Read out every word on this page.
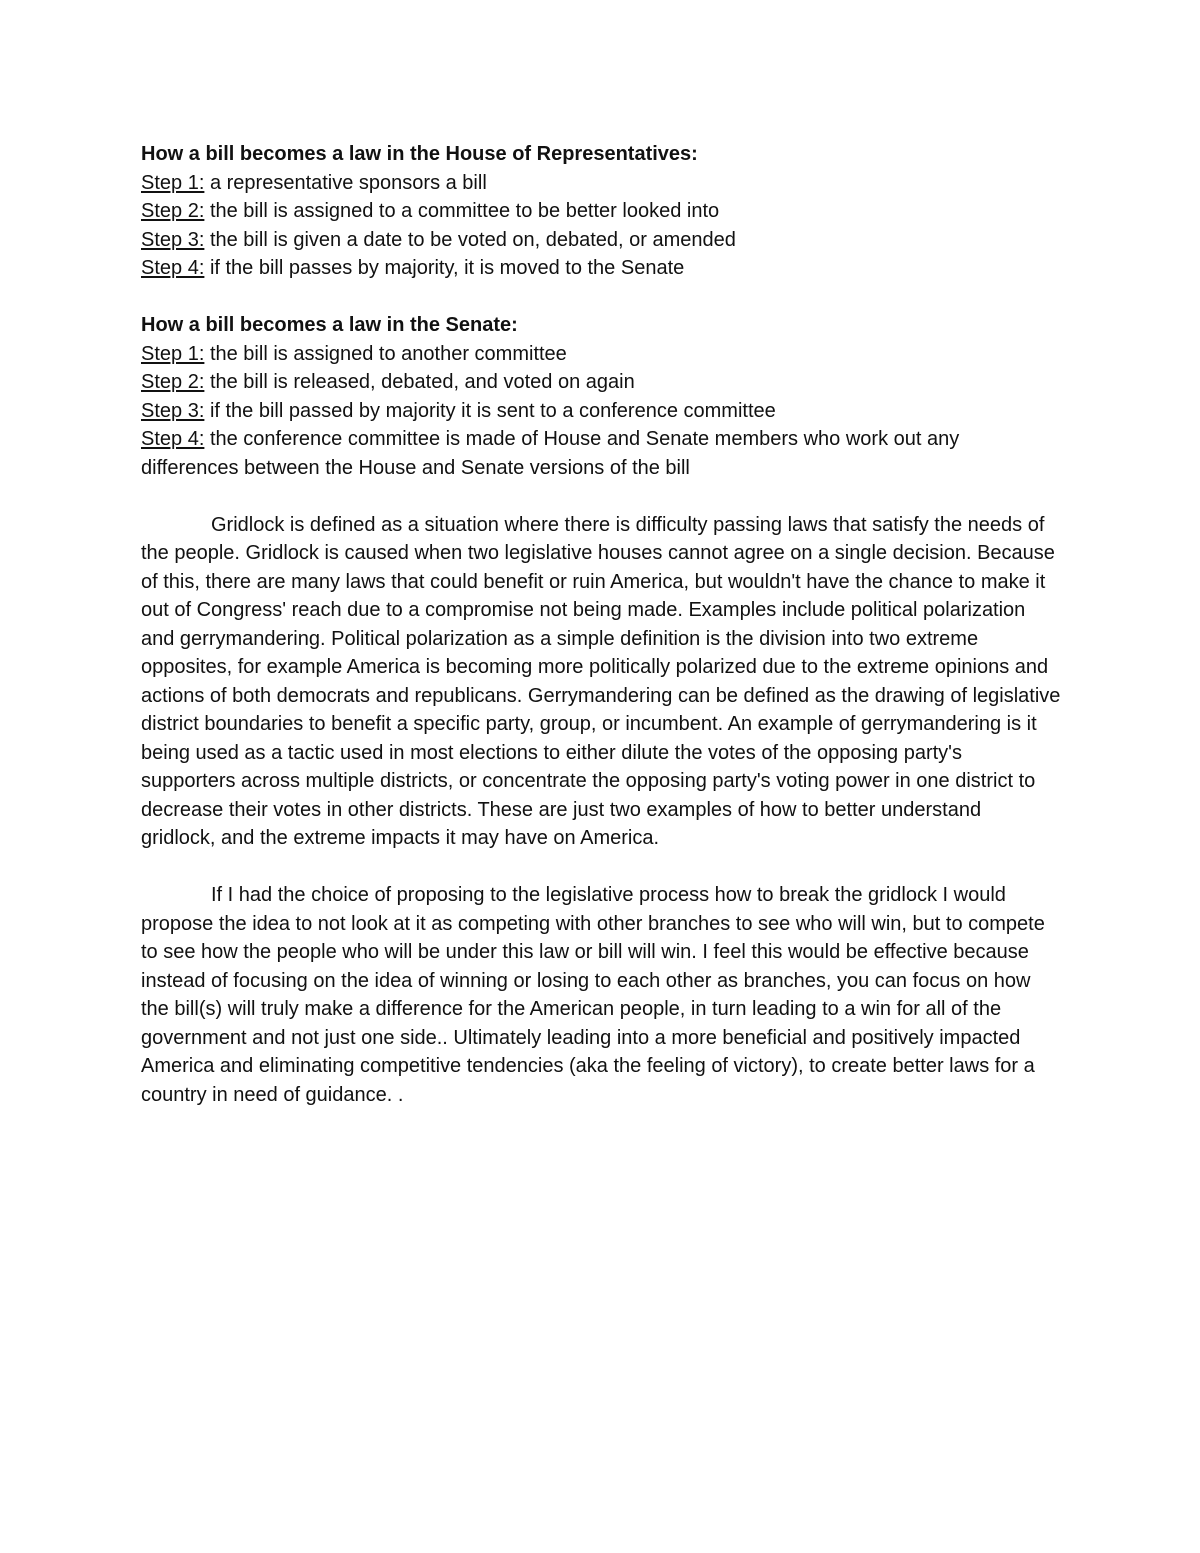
How a bill becomes a law in the House of Representatives:

Step 1: a representative sponsors a bill

Step 2: the bill is assigned to a committee to be better looked into

Step 3: the bill is given a date to be voted on, debated, or amended

Step 4: if the bill passes by majority, it is moved to the Senate

How a bill becomes a law in the Senate:

Step 1: the bill is assigned to another committee

Step 2: the bill is released, debated, and voted on again

Step 3: if the bill passed by majority it is sent to a conference committee

Step 4: the conference committee is made of House and Senate members who work out any differences between the House and Senate versions of the bill

Gridlock is defined as a situation where there is difficulty passing laws that satisfy the needs of the people. Gridlock is caused when two legislative houses cannot agree on a single decision. Because of this, there are many laws that could benefit or ruin America, but wouldn't have the chance to make it out of Congress' reach due to a compromise not being made. Examples include political polarization and gerrymandering. Political polarization as a simple definition is the division into two extreme opposites, for example America is becoming more politically polarized due to the extreme opinions and actions of both democrats and republicans. Gerrymandering can be defined as the drawing of legislative district boundaries to benefit a specific party, group, or incumbent. An example of gerrymandering is it being used as a tactic used in most elections to either dilute the votes of the opposing party's supporters across multiple districts, or concentrate the opposing party's voting power in one district to decrease their votes in other districts. These are just two examples of how to better understand gridlock, and the extreme impacts it may have on America.

If I had the choice of proposing to the legislative process how to break the gridlock I would propose the idea to not look at it as competing with other branches to see who will win, but to compete to see how the people who will be under this law or bill will win. I feel this would be effective because instead of focusing on the idea of winning or losing to each other as branches, you can focus on how the bill(s) will truly make a difference for the American people, in turn leading to a win for all of the government and not just one side.. Ultimately leading into a more beneficial and positively impacted America and eliminating competitive tendencies (aka the feeling of victory), to create better laws for a country in need of guidance. .
